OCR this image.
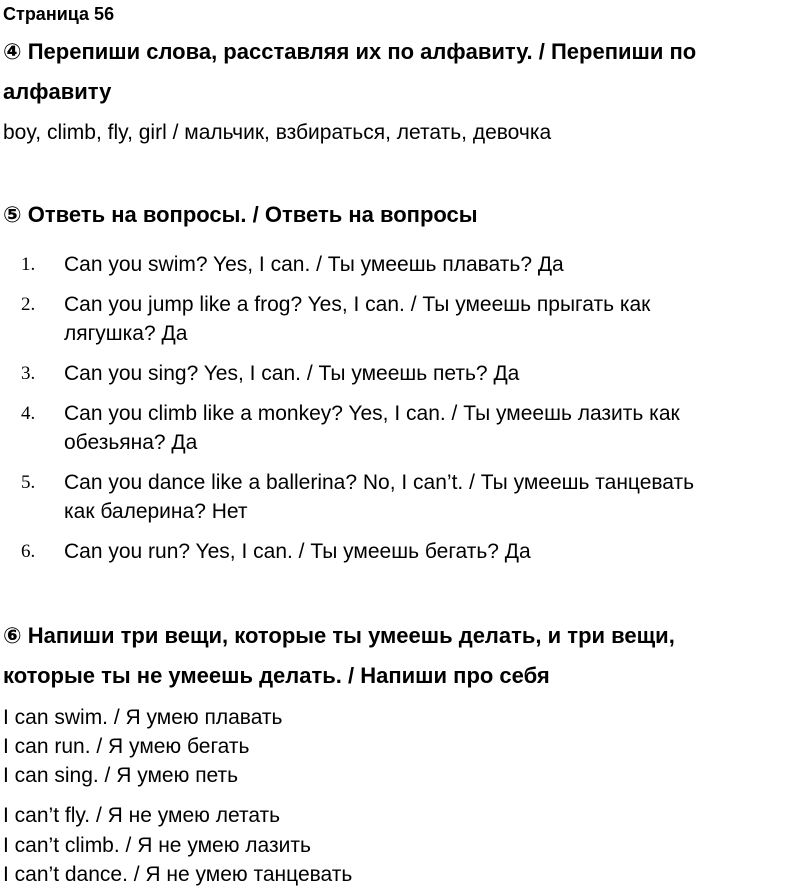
Страница 56
④ Перепиши слова, расставляя их по алфавиту. / Перепиши по
алфавиту
boy, climb, fly, girl / мальчик, взбираться, летать, девочка
⑤ Ответь на вопросы. / Ответь на вопросы
1. Can you swim? Yes, I can. / Ты умеешь плавать? Да
2. Can you jump like a frog? Yes, I can. / Ты умеешь прыгать как
лягушка? Да
3. Can you sing? Yes, I can. / Ты умеешь петь? Да
4. Can you climb like a monkey? Yes, I can. / Ты умеешь лазить как
обезьяна? Да
5. Can you dance like a ballerina? No, I can’t. / Ты умеешь танцевать
как балерина? Нет
6. Can you run? Yes, I can. / Ты умеешь бегать? Да
⑥ Напиши три вещи, которые ты умеешь делать, и три вещи,
которые ты не умеешь делать. / Напиши про себя
I can swim. / Я умею плавать
I can run. / Я умею бегать
I can sing. / Я умею петь
I can’t fly. / Я не умею летать
I can’t climb. / Я не умею лазить
I can’t dance. / Я не умею танцевать
